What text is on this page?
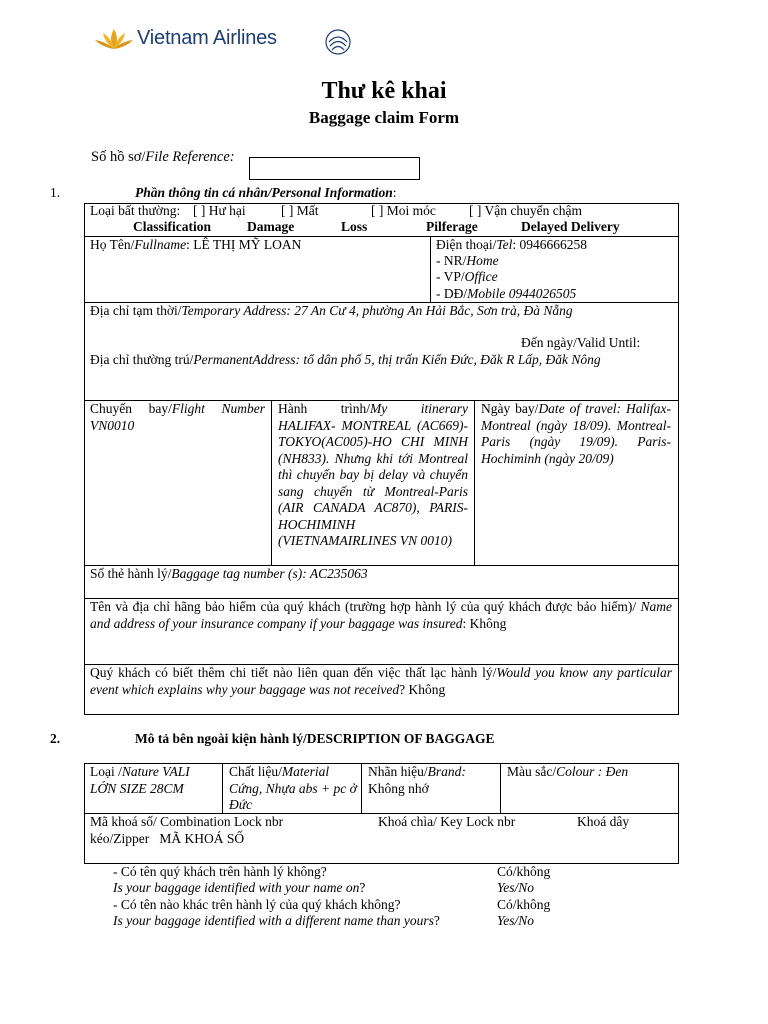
Vietnam Airlines
Thư kê khai
Baggage claim Form
Số hồ sơ/File Reference:
1.	Phần thông tin cá nhân/Personal Information:
Loại bất thường: [ ] Hư hại	[ ] Mất	[ ] Moi móc [ ] Vận chuyển chậm
Classification	Damage	Loss	Pilferage	Delayed Delivery
Họ Tên/Fullname: LÊ THỊ MỸ LOAN	Điện thoại/Tel: 0946666258
- NR/Home
- VP/Office
- DĐ/Mobile 0944026505
Địa chỉ tạm thời/Temporary Address: 27 An Cư 4, phường An Hải Bắc, Sơn trà, Đà Nẵng
Đến ngày/Valid Until:
Địa chỉ thường trú/PermanentAddress: tổ dân phố 5, thị trấn Kiến Đức, Đăk R Lấp, Đăk Nông
Chuyến bay/Flight Number VN0010
Hành trình/My itinerary HALIFAX- MONTREAL (AC669)-TOKYO(AC005)-HO CHI MINH (NH833). Nhưng khi tới Montreal thì chuyến bay bị delay và chuyển sang chuyến từ Montreal-Paris (AIR CANADA AC870), PARIS-HOCHIMINH (VIETNAMAIRLINES VN 0010)
Ngày bay/Date of travel: Halifax-Montreal (ngày 18/09). Montreal-Paris (ngày 19/09). Paris-Hochiminh (ngày 20/09)
Số thẻ hành lý/Baggage tag number (s): AC235063
Tên và địa chỉ hãng bảo hiểm của quý khách (trường hợp hành lý của quý khách được bảo hiểm)/ Name and address of your insurance company if your baggage was insured: Không
Quý khách có biết thêm chi tiết nào liên quan đến việc thất lạc hành lý/Would you know any particular event which explains why your baggage was not received? Không
2.	Mô tả bên ngoài kiện hành lý/DESCRIPTION OF BAGGAGE
Loại /Nature VALI LỚN SIZE 28CM
Chất liệu/Material Cứng, Nhựa abs + pc ở Đức
Nhãn hiệu/Brand:
Không nhớ
Màu sắc/Colour : Đen
Mã khoá số/ Combination Lock nbr	Khoá chìa/ Key Lock nbr	Khoá dây
kéo/Zipper MÃ KHOÁ SỐ
- Có tên quý khách trên hành lý không?	Có/không
Is your baggage identified with your name on?	Yes/No
- Có tên nào khác trên hành lý của quý khách không?	Có/không
Is your baggage identified with a different name than yours?	Yes/No
